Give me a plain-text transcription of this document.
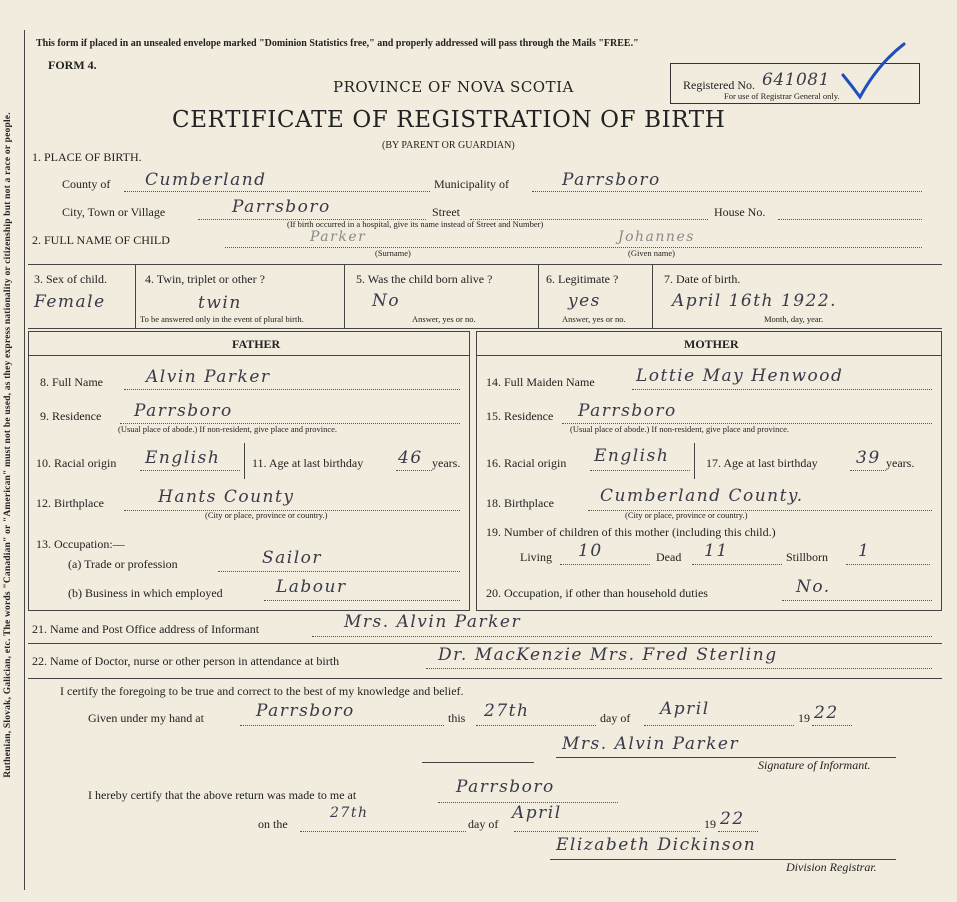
Ruthenian, Slovak, Galician, etc. The words "Canadian" or "American" must not be used, as they express nationality or citizenship but not a race or people.
This form if placed in an unsealed envelope marked "Dominion Statistics free," and properly addressed will pass through the Mails "FREE."
FORM 4.
Registered No. 641081
For use of Registrar General only.
PROVINCE OF NOVA SCOTIA
CERTIFICATE OF REGISTRATION OF BIRTH
(BY PARENT OR GUARDIAN)
1. PLACE OF BIRTH.
County of Cumberland	Municipality of	Parrsboro
City, Town or Village	Parrsboro	Street	House No.
(If birth occurred in a hospital, give its name instead of Street and Number)
2. FULL NAME OF CHILD	Parker	Johannes
(Surname)	(Given name)
3. Sex of child.
Female
4. Twin, triplet or other ?
twin
To be answered only in the event of plural birth.
5. Was the child born alive ?
No
Answer, yes or no.
6. Legitimate ?
yes
Answer, yes or no.
7. Date of birth.
April 16th 1922.
Month, day, year.
FATHER	MOTHER
8. Full Name	Alvin Parker
9. Residence Parrsboro
(Usual place of abode.) If non-resident, give place and province.
10. Racial origin English	11. Age at last birthday 46 years.
12. Birthplace	Hants County
(City or place, province or country.)
13. Occupation:—
(a) Trade or profession	Sailor
(b) Business in which employed	Labour
14. Full Maiden Name Lottie May Henwood
15. Residence Parrsboro
(Usual place of abode.) If non-resident, give place and province.
16. Racial origin English	17. Age at last birthday 39 years.
18. Birthplace	Cumberland County.
(City or place, province or country.)
19. Number of children of this mother (including this child.)
Living 10	Dead 11	Stillborn 1
20. Occupation, if other than household duties	No.
21. Name and Post Office address of Informant	Mrs. Alvin Parker
22. Name of Doctor, nurse or other person in attendance at birth	Dr. MacKenzie Mrs. Fred Sterling
I certify the foregoing to be true and correct to the best of my knowledge and belief.
Given under my hand at	Parrsboro	this 27th	day of April	19 22
Mrs. Alvin Parker
Signature of Informant.
I hereby certify that the above return was made to me at	Parrsboro
on the
27th
day of
April
19 22
Elizabeth Dickinson
Division Registrar.
